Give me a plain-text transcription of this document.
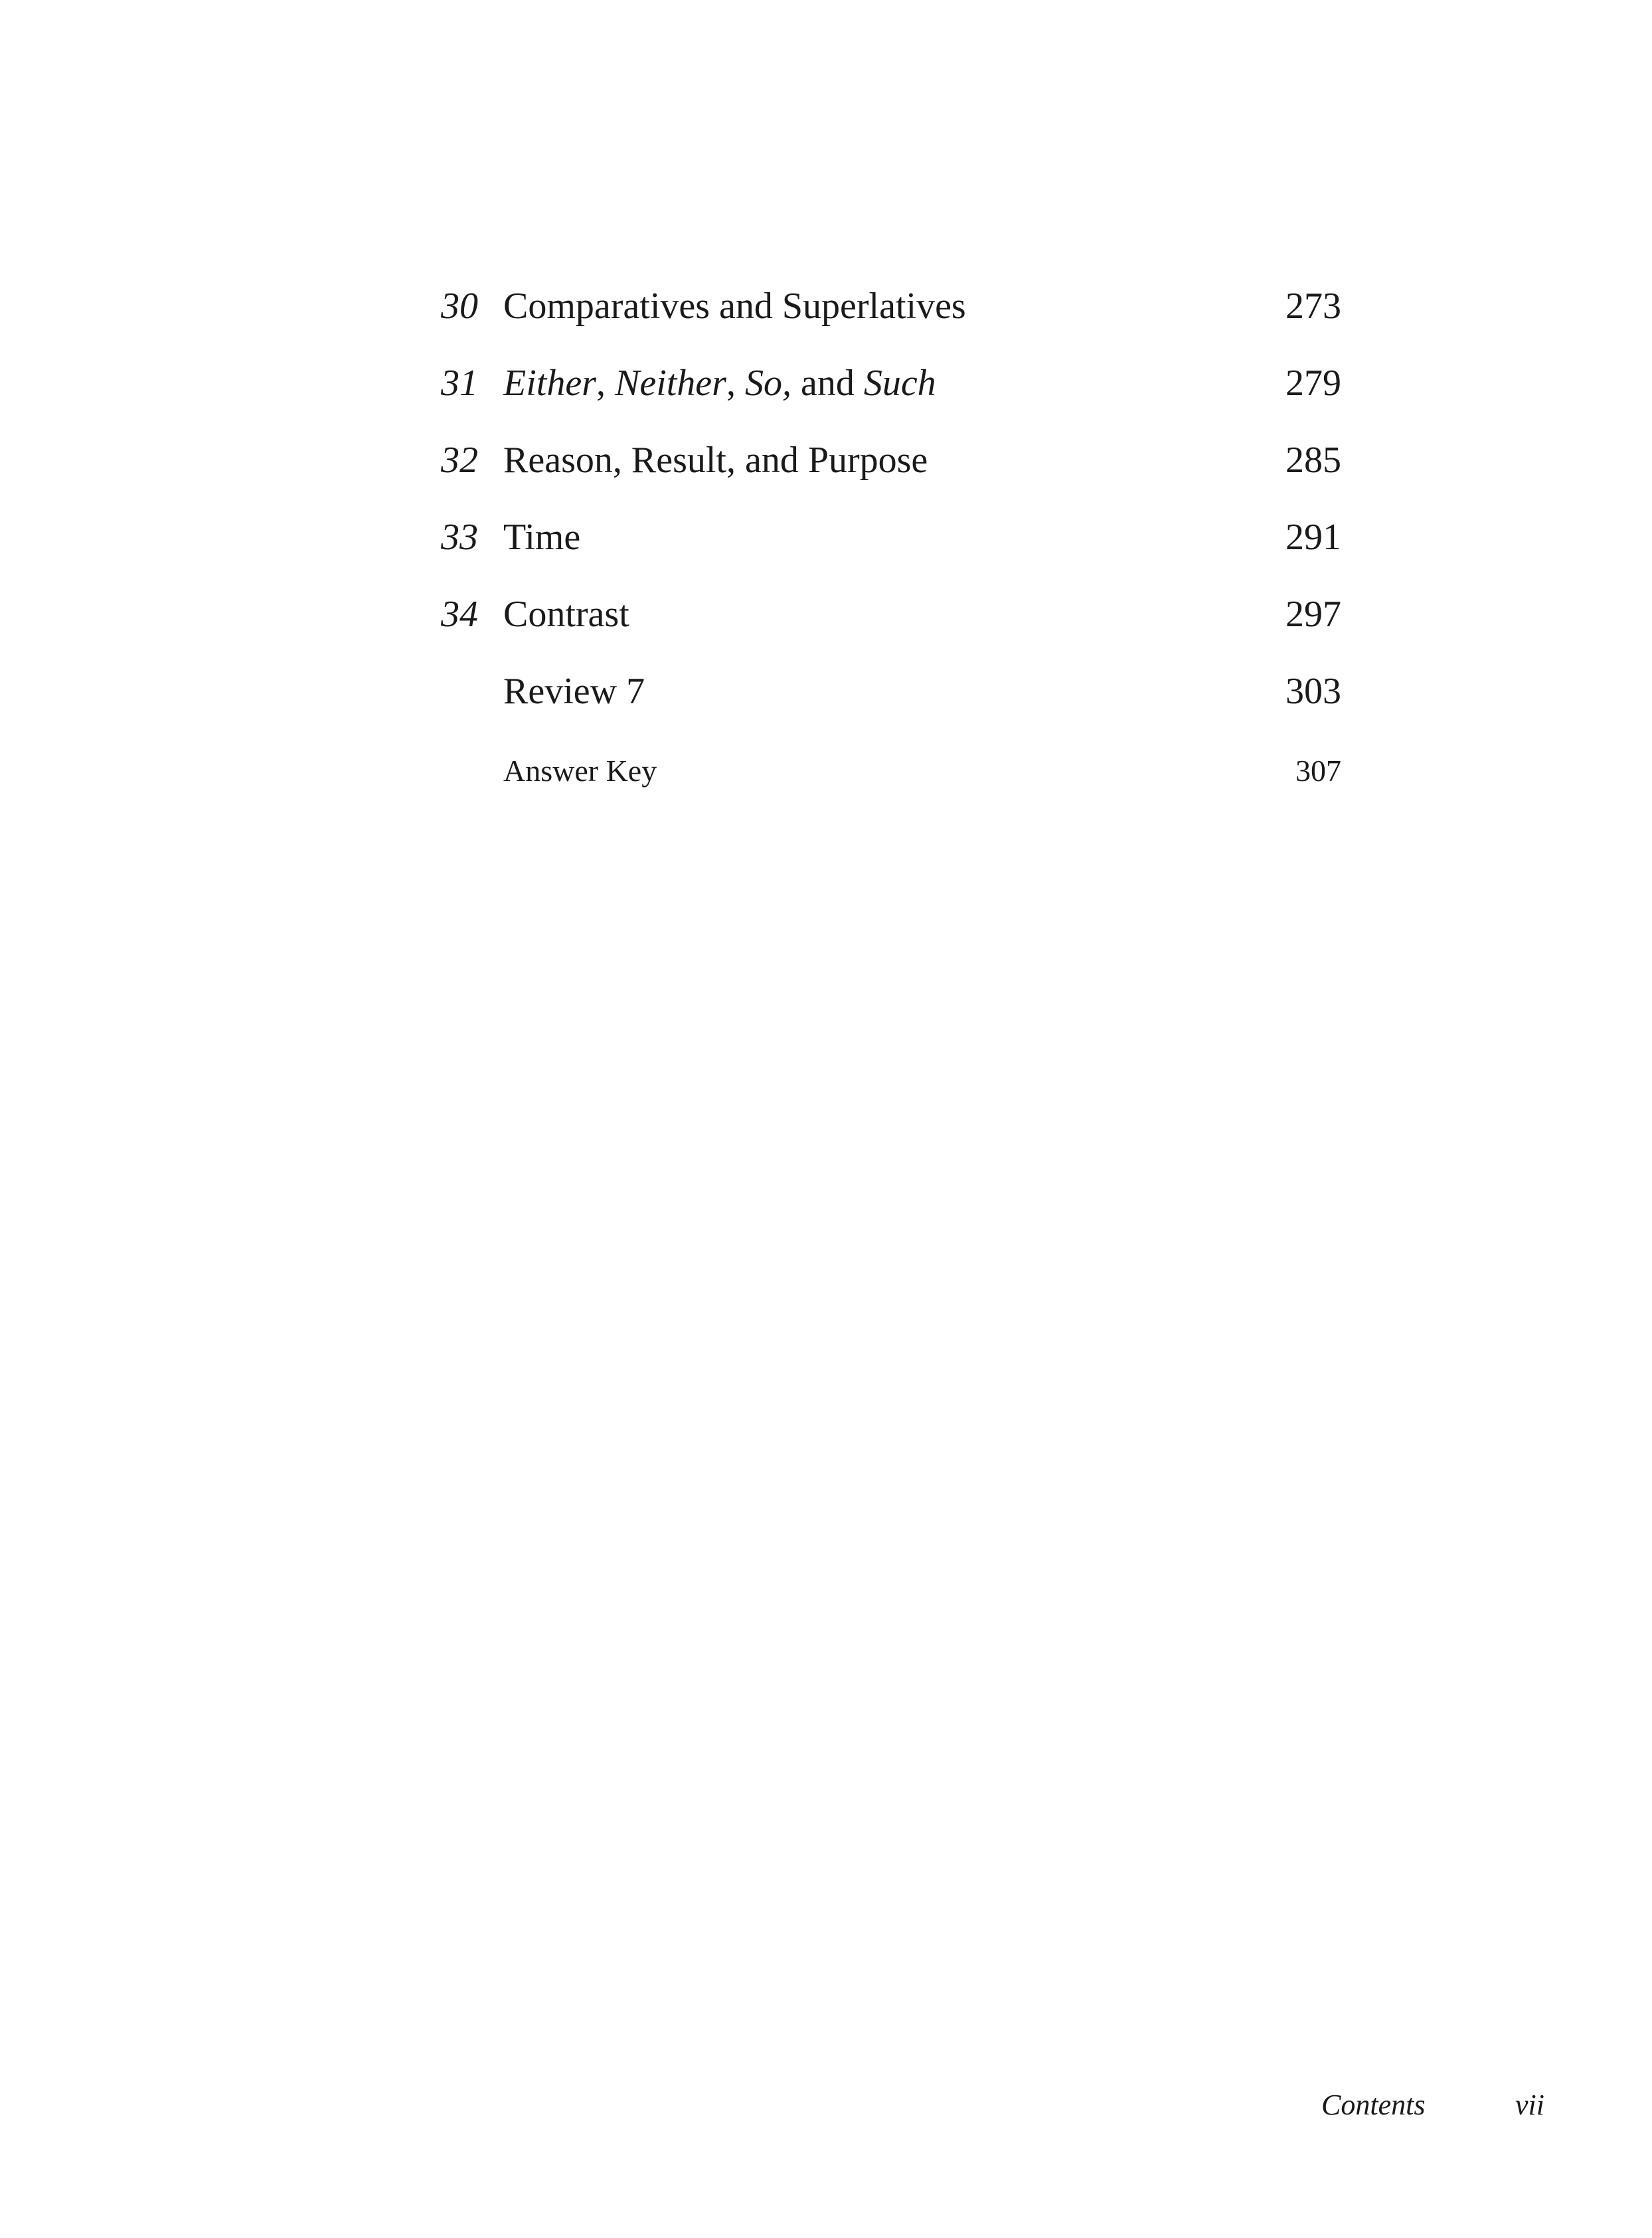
30 Comparatives and Superlatives	273
31 Either, Neither, So, and Such	279
32 Reason, Result, and Purpose	285
33 Time	291
34 Contrast	297
Review 7	303
Answer Key	307
Contents	vii
